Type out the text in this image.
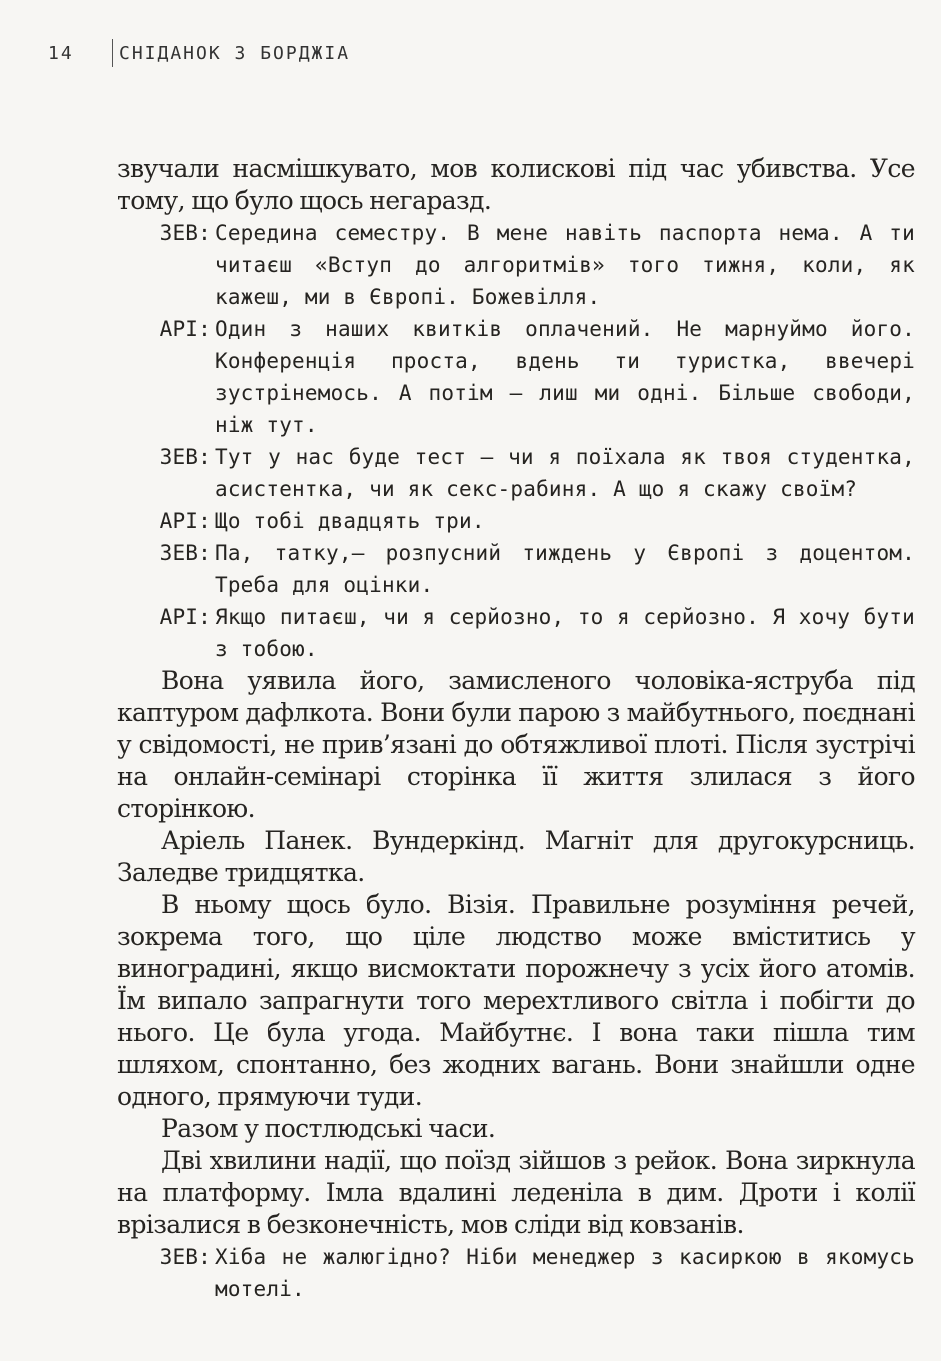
14	СНІДАНОК З БОРДЖІА

звучали насмішкувато, мов колискові під час убивства. Усе тому, що було щось негаразд.

ЗЕВ: Середина семестру. В мене навіть паспорта нема. А ти читаєш «Вступ до алгоритмів» того тижня, коли, як кажеш, ми в Європі. Божевілля.
АРІ: Один з наших квитків оплачений. Не марнуймо його. Конференція проста, вдень ти туристка, ввечері зустрінемось. А потім — лиш ми одні. Більше свободи, ніж тут.
ЗЕВ: Тут у нас буде тест — чи я поїхала як твоя студентка, асистентка, чи як секс-рабиня. А що я скажу своїм?
АРІ: Що тобі двадцять три.
ЗЕВ: Па, татку,— розпусний тиждень у Європі з доцентом. Треба для оцінки.
АРІ: Якщо питаєш, чи я серйозно, то я серйозно. Я хочу бути з тобою.

Вона уявила його, замисленого чоловіка-яструба під каптуром дафлкота. Вони були парою з майбутнього, поєднані у свідомості, не прив’язані до обтяжливої плоті. Після зустрічі на онлайн-семінарі сторінка її життя злилася з його сторінкою.

Аріель Панек. Вундеркінд. Магніт для другокурсниць. Заледве тридцятка.

В ньому щось було. Візія. Правильне розуміння речей, зокрема того, що ціле людство може вміститись у виноградині, якщо висмоктати порожнечу з усіх його атомів. Їм випало запрагнути того мерехтливого світла і побігти до нього. Це була угода. Майбутнє. І вона таки пішла тим шляхом, спонтанно, без жодних вагань. Вони знайшли одне одного, прямуючи туди.

Разом у постлюдські часи.

Дві хвилини надії, що поїзд зійшов з рейок. Вона зиркнула на платформу. Імла вдалині леденіла в дим. Дроти і колії врізалися в безконечність, мов сліди від ковзанів.

ЗЕВ: Хіба не жалюгідно? Ніби менеджер з касиркою в якомусь мотелі.
